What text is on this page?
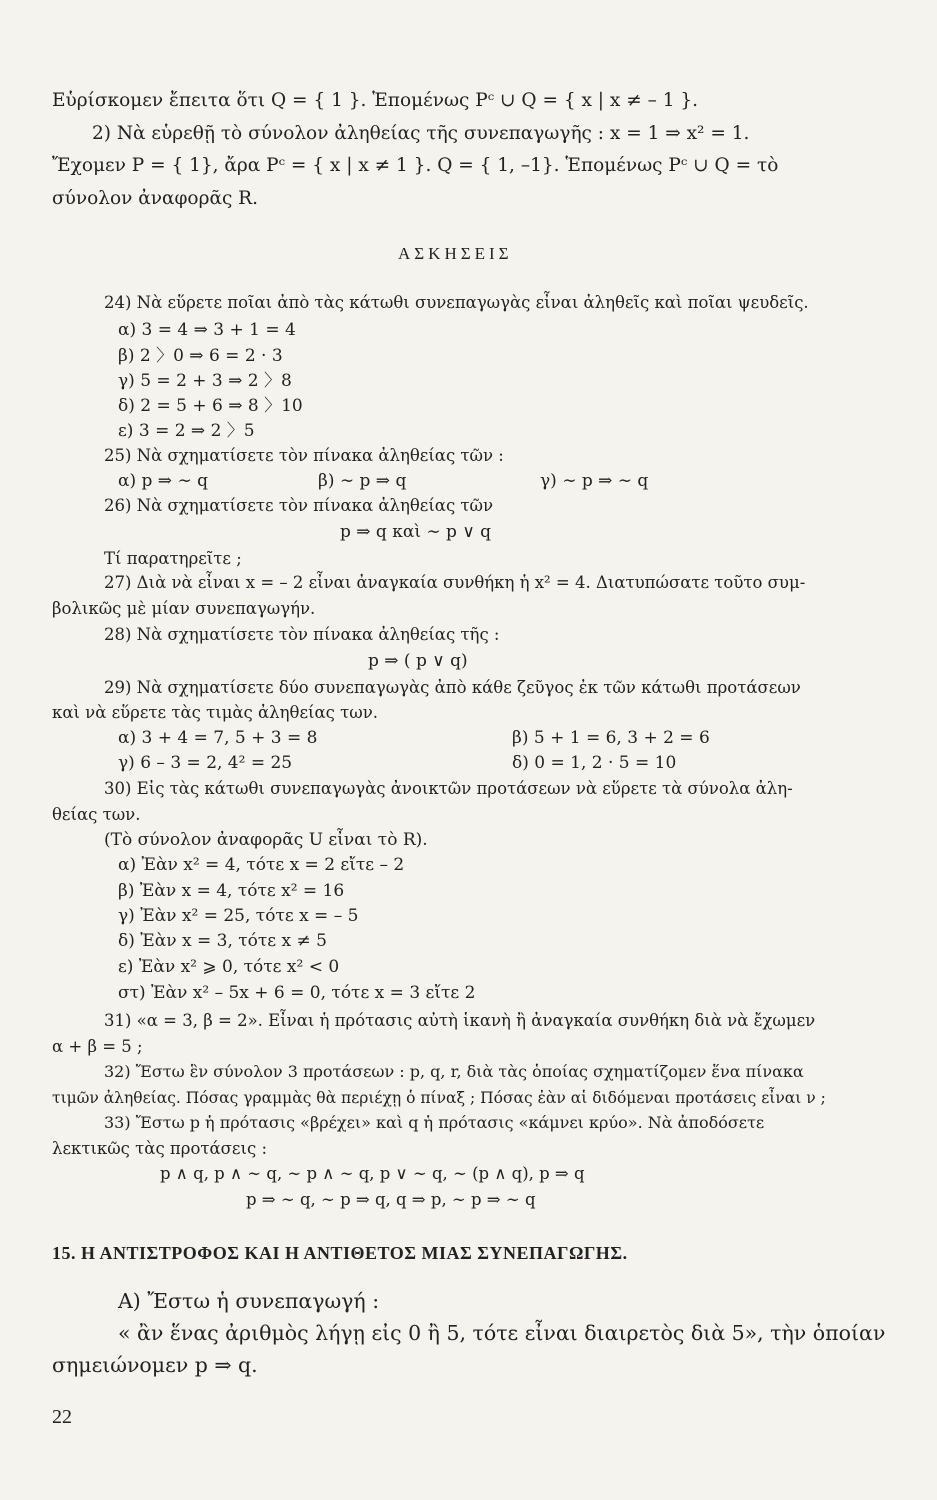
Εὑρίσκομεν ἔπειτα ὅτι Q = { 1 }. Ἑπομένως Pᶜ ∪ Q = { x | x ≠ – 1 }.
2) Νὰ εὑρεθῇ τὸ σύνολον ἀληθείας τῆς συνεπαγωγῆς : x = 1 ⇒ x² = 1.
Ἔχομεν P = { 1}, ἄρα Pᶜ = { x | x ≠ 1 }. Q = { 1, –1}. Ἑπομένως Pᶜ ∪ Q = τὸ
σύνολον ἀναφορᾶς R.
ΑΣΚΗΣΕΙΣ
24) Νὰ εὕρετε ποῖαι ἀπὸ τὰς κάτωθι συνεπαγωγὰς εἶναι ἀληθεῖς καὶ ποῖαι ψευδεῖς.
α) 3 = 4 ⇒ 3 + 1 = 4
β) 2 〉0 ⇒ 6 = 2 · 3
γ) 5 = 2 + 3 ⇒ 2 〉8
δ) 2 = 5 + 6 ⇒ 8 〉10
ε) 3 = 2 ⇒ 2 〉5
25) Νὰ σχηματίσετε τὸν πίνακα ἀληθείας τῶν :
α) p ⇒ ∼ q	β) ∼ p ⇒ q	γ) ∼ p ⇒ ∼ q
26) Νὰ σχηματίσετε τὸν πίνακα ἀληθείας τῶν
p ⇒ q καὶ ∼ p ∨ q
Τί παρατηρεῖτε ;
27) Διὰ νὰ εἶναι x = – 2 εἶναι ἀναγκαία συνθήκη ἡ x² = 4. Διατυπώσατε τοῦτο συμ-
βολικῶς μὲ μίαν συνεπαγωγήν.
28) Νὰ σχηματίσετε τὸν πίνακα ἀληθείας τῆς :
p ⇒ ( p ∨ q)
29) Νὰ σχηματίσετε δύο συνεπαγωγὰς ἀπὸ κάθε ζεῦγος ἐκ τῶν κάτωθι προτάσεων
καὶ νὰ εὕρετε τὰς τιμὰς ἀληθείας των.
α) 3 + 4 = 7, 5 + 3 = 8	β) 5 + 1 = 6, 3 + 2 = 6
γ) 6 – 3 = 2, 4² = 25	δ) 0 = 1, 2 · 5 = 10
30) Εἰς τὰς κάτωθι συνεπαγωγὰς ἀνοικτῶν προτάσεων νὰ εὕρετε τὰ σύνολα ἀλη-
θείας των.
(Τὸ σύνολον ἀναφορᾶς U εἶναι τὸ R).
α) Ἐὰν x² = 4, τότε x = 2 εἴτε – 2
β) Ἐὰν x = 4, τότε x² = 16
γ) Ἐὰν x² = 25, τότε x = – 5
δ) Ἐὰν x = 3, τότε x ≠ 5
ε) Ἐὰν x² ⩾ 0, τότε x² < 0
στ) Ἐὰν x² – 5x + 6 = 0, τότε x = 3 εἴτε 2
31) «α = 3, β = 2». Εἶναι ἡ πρότασις αὐτὴ ἱκανὴ ἢ ἀναγκαία συνθήκη διὰ νὰ ἔχωμεν
α + β = 5 ;
32) Ἔστω ἓν σύνολον 3 προτάσεων : p, q, r, διὰ τὰς ὁποίας σχηματίζομεν ἕνα πίνακα
τιμῶν ἀληθείας. Πόσας γραμμὰς θὰ περιέχῃ ὁ πίναξ ; Πόσας ἐὰν αἱ διδόμεναι προτάσεις εἶναι ν ;
33) Ἔστω p ἡ πρότασις «βρέχει» καὶ q ἡ πρότασις «κάμνει κρύο». Νὰ ἀποδόσετε
λεκτικῶς τὰς προτάσεις :
p ∧ q, p ∧ ∼ q, ∼ p ∧ ∼ q, p ∨ ∼ q, ∼ (p ∧ q), p ⇒ q
p ⇒ ∼ q, ∼ p ⇒ q, q ⇒ p, ∼ p ⇒ ∼ q
15. Η ΑΝΤΙΣΤΡΟΦΟΣ ΚΑΙ Η ΑΝΤΙΘΕΤΟΣ ΜΙΑΣ ΣΥΝΕΠΑΓΩΓΗΣ.
Α) Ἔστω ἡ συνεπαγωγή :
« ἂν ἕνας ἀριθμὸς λήγῃ εἰς 0 ἢ 5, τότε εἶναι διαιρετὸς διὰ 5», τὴν ὁποίαν
σημειώνομεν p ⇒ q.
22
